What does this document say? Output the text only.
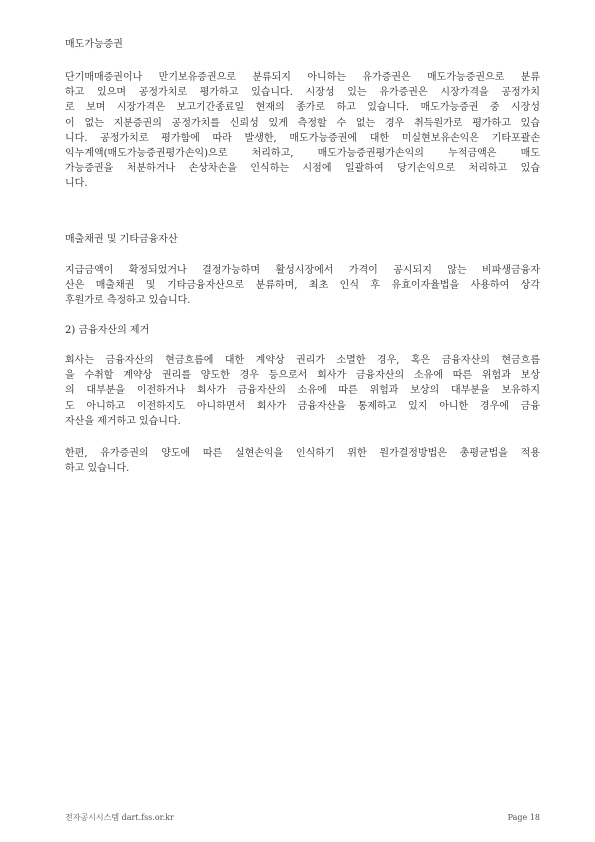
매도가능증권

단기매매증권이나 만기보유증권으로 분류되지 아니하는 유가증권은 매도가능증권으로 분류
하고 있으며 공정가치로 평가하고 있습니다. 시장성 있는 유가증권은 시장가격을 공정가치
로 보며 시장가격은 보고기간종료일 현재의 종가로 하고 있습니다. 매도가능증권 중 시장성
이 없는 지분증권의 공정가치를 신뢰성 있게 측정할 수 없는 경우 취득원가로 평가하고 있습
니다. 공정가치로 평가함에 따라 발생한, 매도가능증권에 대한 미실현보유손익은 기타포괄손
익누계액(매도가능증권평가손익)으로 처리하고, 매도가능증권평가손익의 누적금액은 매도
가능증권을 처분하거나 손상차손을 인식하는 시점에 일괄하여 당기손익으로 처리하고 있습
니다.

매출채권 및 기타금융자산

지급금액이 확정되었거나 결정가능하며 활성시장에서 가격이 공시되지 않는 비파생금융자
산은 매출채권 및 기타금융자산으로 분류하며, 최초 인식 후 유효이자율법을 사용하여 상각
후원가로 측정하고 있습니다.

2) 금융자산의 제거

회사는 금융자산의 현금흐름에 대한 계약상 권리가 소멸한 경우, 혹은 금융자산의 현금흐름
을 수취할 계약상 권리를 양도한 경우 등으로서 회사가 금융자산의 소유에 따른 위험과 보상
의 대부분을 이전하거나 회사가 금융자산의 소유에 따른 위험과 보상의 대부분을 보유하지
도 아니하고 이전하지도 아니하면서 회사가 금융자산을 통제하고 있지 아니한 경우에 금융
자산을 제거하고 있습니다.
한편, 유가증권의 양도에 따른 실현손익을 인식하기 위한 원가결정방법은 총평균법을 적용
하고 있습니다.
전자공시시스템 dart.fss.or.kr	Page 18
